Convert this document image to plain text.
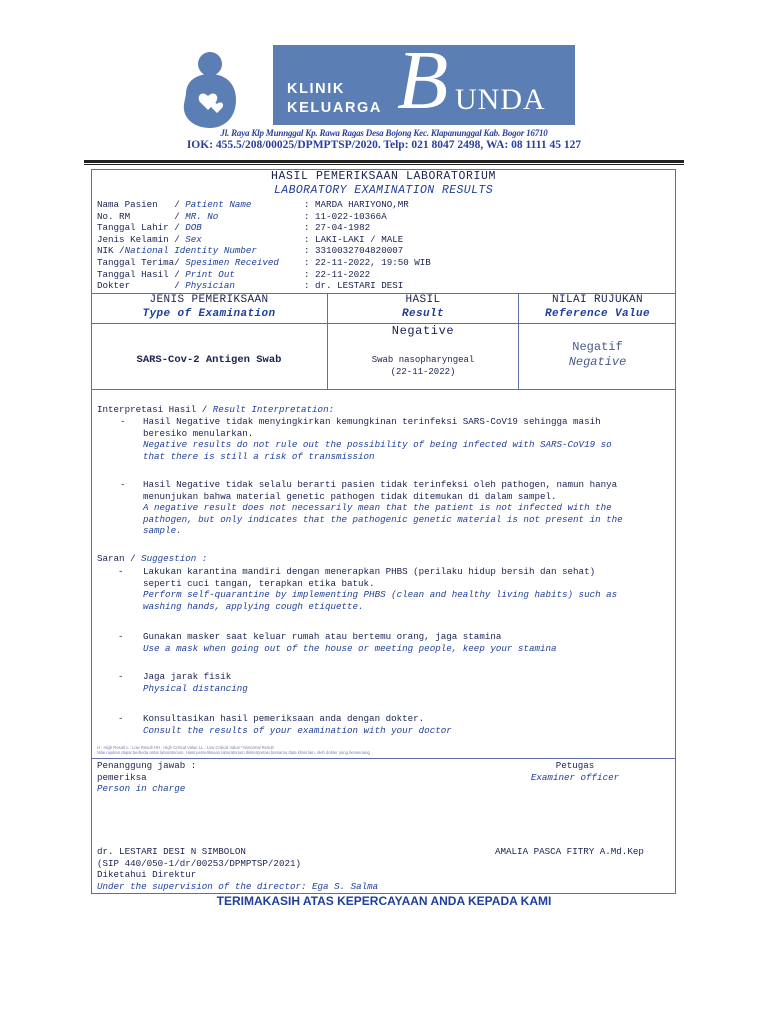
KLINIK
KELUARGA B UNDA
Jl. Raya Klp Munnggal Kp. Rawa Ragas Desa Bojong Kec. Klapanunggal Kab. Bogor 16710
IOK: 455.5/208/00025/DPMPTSP/2020. Telp: 021 8047 2498, WA: 08 1111 45 127
HASIL PEMERIKSAAN LABORATORIUM
LABORATORY EXAMINATION RESULTS
Nama Pasien   / Patient Name
No. RM        / MR. No
Tanggal Lahir / DOB
Jenis Kelamin / Sex
NIK /National Identity Number
Tanggal Terima/ Spesimen Received
Tanggal Hasil / Print Out
Dokter        / Physician
: MARDA HARIYONO,MR
: 11-022-10366A
: 27-04-1982
: LAKI-LAKI / MALE
: 3310032704820007
: 22-11-2022, 19:50 WIB
: 22-11-2022
: dr. LESTARI DESI
JENIS PEMERIKSAAN
Type of Examination
HASIL
Result
NILAI RUJUKAN
Reference Value
SARS-Cov-2 Antigen Swab
Negative
Swab nasopharyngeal
(22-11-2022)
Negatif
Negative
Interpretasi Hasil / Result Interpretation:
- Hasil Negative tidak menyingkirkan kemungkinan terinfeksi SARS-CoV19 sehingga masih
beresiko menularkan.
Negative results do not rule out the possibility of being infected with SARS-CoV19 so
that there is still a risk of transmission
- Hasil Negative tidak selalu berarti pasien tidak terinfeksi oleh pathogen, namun hanya
menunjukan bahwa material genetic pathogen tidak ditemukan di dalam sampel.
A negative result does not necessarily mean that the patient is not infected with the
pathogen, but only indicates that the pathogenic genetic material is not present in the
sample.
Saran / Suggestion :
- Lakukan karantina mandiri dengan menerapkan PHBS (perilaku hidup bersih dan sehat)
seperti cuci tangan, terapkan etika batuk.
Perform self-quarantine by implementing PHBS (clean and healthy living habits) such as
washing hands, applying cough etiquette.
- Gunakan masker saat keluar rumah atau bertemu orang, jaga stamina
Use a mask when going out of the house or meeting people, keep your stamina
- Jaga jarak fisik
Physical distancing
- Konsultasikan hasil pemeriksaan anda dengan dokter.
Consult the results of your examination with your doctor
H : High Result L : Low Result HH : High Critical Value LL : Low Critical Value *Abnormal Result
Nilai rujukan dapat berbeda antar laboratorium. Hasil pemeriksaan laboratorium diinterpretasi bersama data klinis lain, oleh dokter yang berwenang
Penanggung jawab :
pemeriksa
Person in charge
Petugas
Examiner officer
dr. LESTARI DESI N SIMBOLON
(SIP 440/050-1/dr/00253/DPMPTSP/2021)
Diketahui Direktur
Under the supervision of the director: Ega S. Salma
AMALIA PASCA FITRY A.Md.Kep
TERIMAKASIH ATAS KEPERCAYAAN ANDA KEPADA KAMI
